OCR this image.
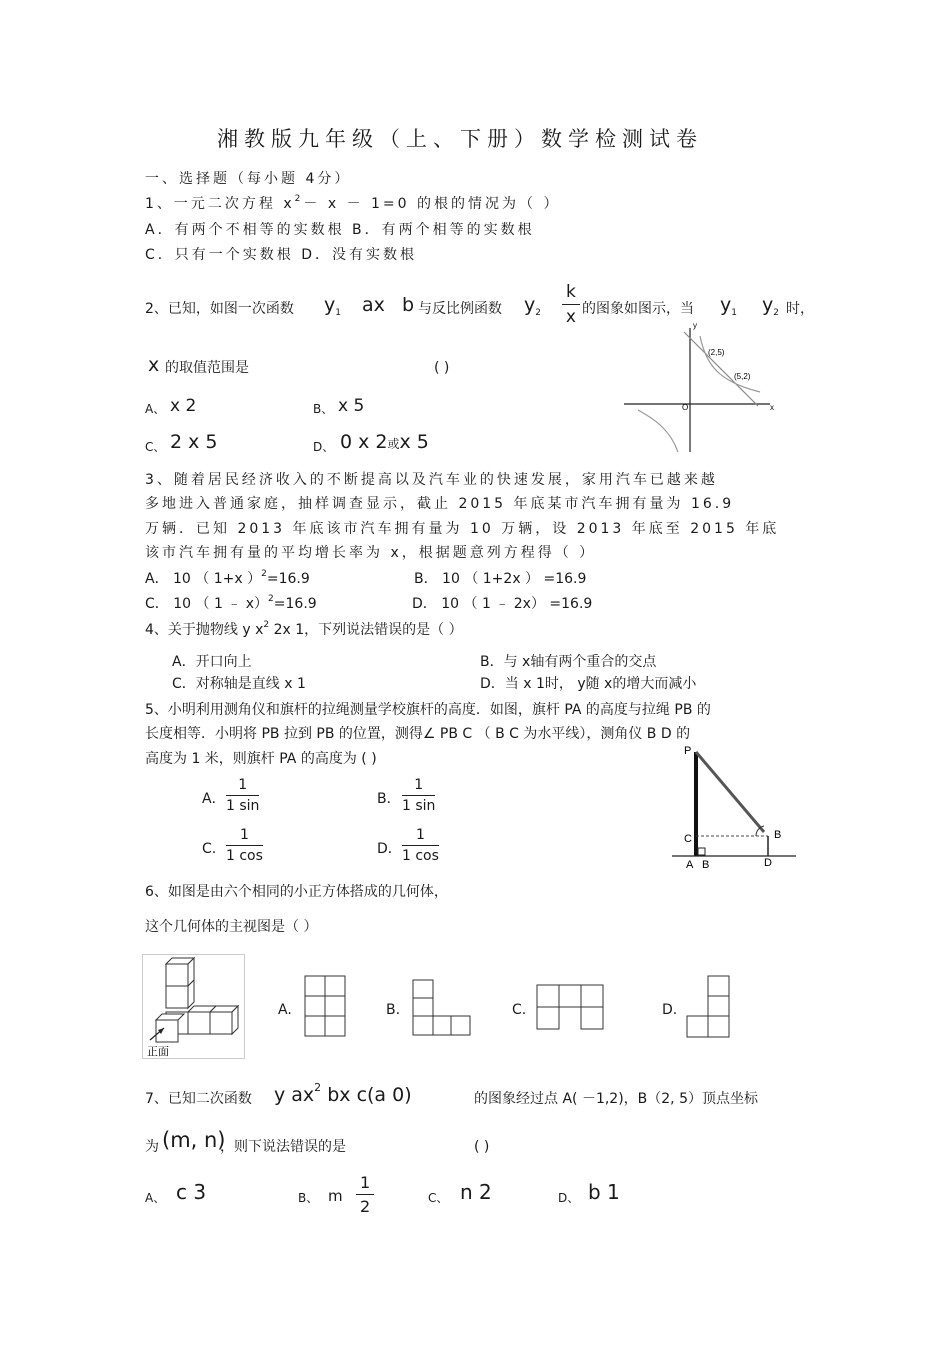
湘教版九年级（上、下册）数学检测试卷
一、选择题（每小题 4分）
1、一元二次方程 $x^2- x - 1=0$ 的根的情况为（ ）
A．有两个不相等的实数根 B．有两个相等的实数根
C．只有一个实数根 D．没有实数根
2、已知，如图一次函数 $y_1$ ax b 与反比例函数 $y_2 \frac{k}{x}$ 的图象如图示，当 $y_1$ $y_2$ 时，
x 的取值范围是	( )
A、 x 2	B、 x 5
C、 2 x 5	D、 0 x 2或x 5
y
x
O
(2,5)
(5,2)
3、随着居民经济收入的不断提高以及汽车业的快速发展，家用汽车已越来越
多地进入普通家庭，抽样调查显示，截止 2015 年底某市汽车拥有量为 16.9
万辆．已知 2013 年底该市汽车拥有量为 10 万辆，设 2013 年底至 2015 年底
该市汽车拥有量的平均增长率为 x，根据题意列方程得（ ）
A． 10 （ 1+x ）$^2$=16.9	B． 10 （ 1+2x ） =16.9
C． 10 （ 1 ﹣ x）$^2$=16.9	D． 10 （ 1 ﹣ 2x） =16.9
4、关于抛物线 y $x^2$ 2x 1，下列说法错误的是（ ）
A．开口向上	B．与 x轴有两个重合的交点
C．对称轴是直线 x 1	D．当 x 1时， y随 x的增大而减小
5、小明利用测角仪和旗杆的拉绳测量学校旗杆的高度．如图，旗杆 PA 的高度与拉绳 PB 的
长度相等．小明将 PB 拉到 PB 的位置，测得∠ PB C （ B C 为水平线），测角仪 B D 的
高度为 1 米，则旗杆 PA 的高度为 ( )
A． $\frac{1}{1 \sin}$	B． $\frac{1}{1 \sin}$
C. $\frac{1}{1 \cos}$	D． $\frac{1}{1 \cos}$
P
C	B
A B	D
6、如图是由六个相同的小正方体搭成的几何体，
这个几何体的主视图是（ ）
正面
A.	B.	C.	D.
7、已知二次函数 y $ax^2$ bx c(a 0)	的图象经过点 A( －1,2)，B（2, 5）顶点坐标
为 (m, n)
，则下说法错误的是	( )
A、 c 3	B、 m $\frac{1}{2}$	C、 n 2	D、 b 1
